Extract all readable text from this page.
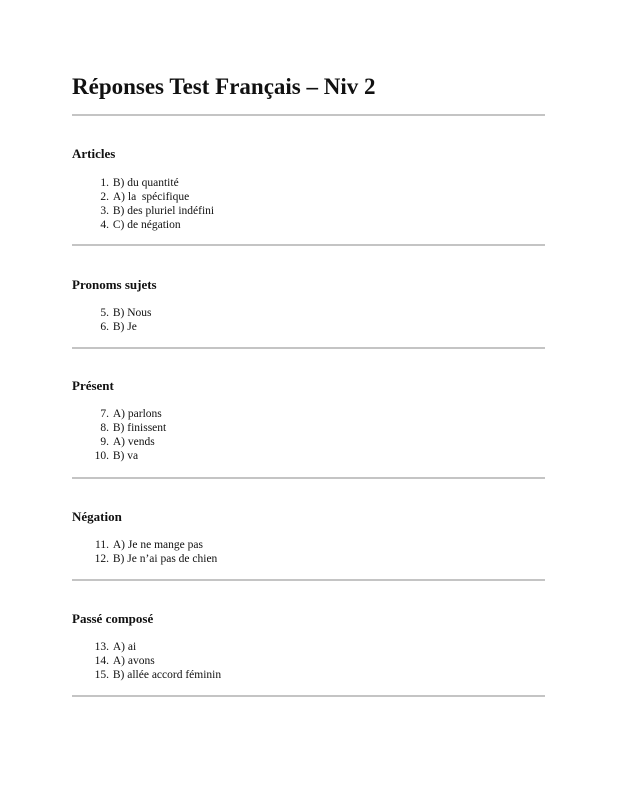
Réponses Test Français – Niv 2
Articles
1. B) du quantité
2. A) la  spécifique
3. B) des pluriel indéfini
4. C) de négation
Pronoms sujets
5. B) Nous
6. B) Je
Présent
7. A) parlons
8. B) finissent
9. A) vends
10. B) va
Négation
11. A) Je ne mange pas
12. B) Je n’ai pas de chien
Passé composé
13. A) ai
14. A) avons
15. B) allée accord féminin
